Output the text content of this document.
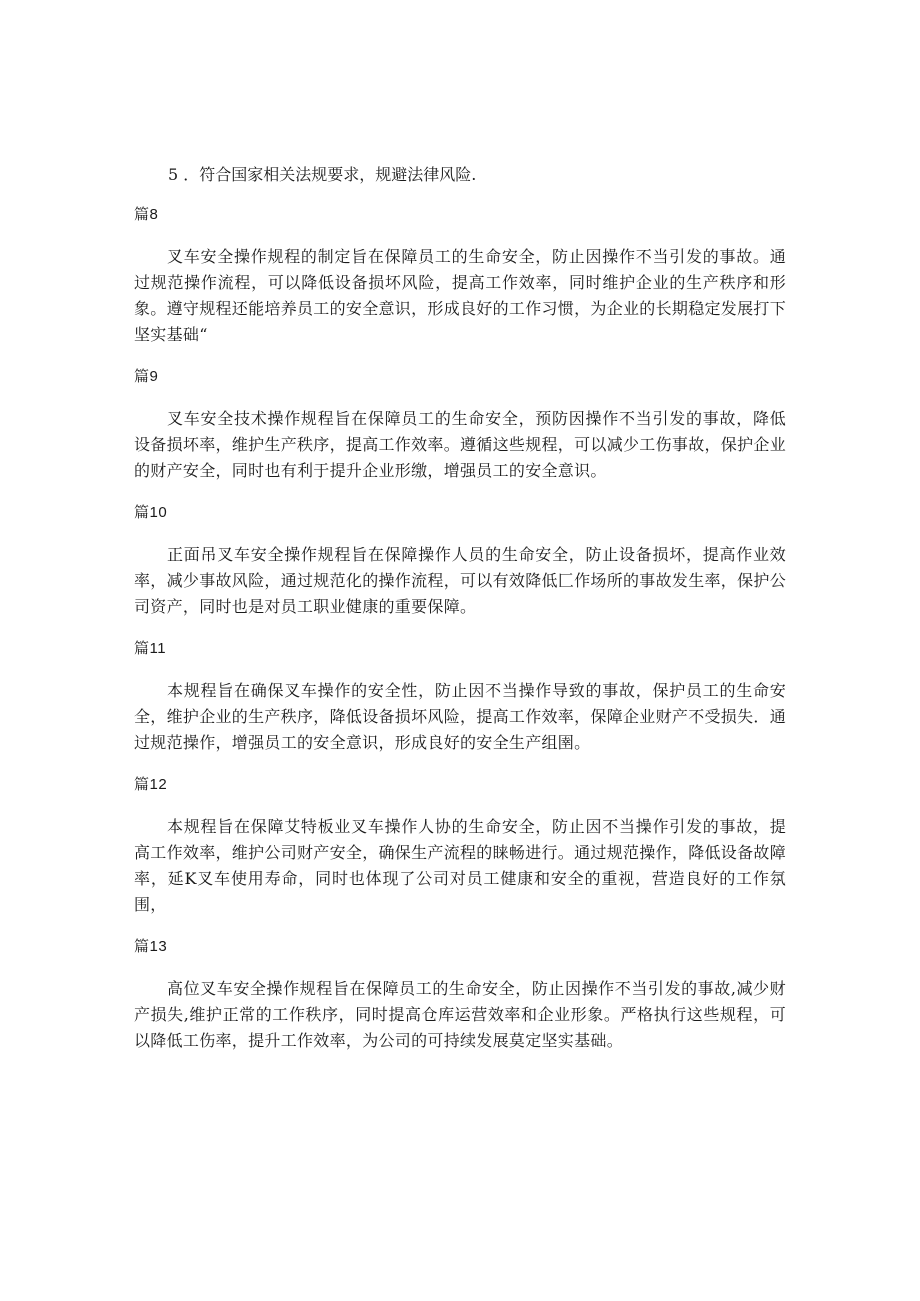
5 ．符合国家相关法规要求，规避法律风险.

篇8

叉车安全操作规程的制定旨在保障员工的生命安全，防止因操作不当引发的事故。通过规范操作流程，可以降低设备损坏风险，提高工作效率，同时维护企业的生产秩序和形象。遵守规程还能培养员工的安全意识，形成良好的工作习惯，为企业的长期稳定发展打下坚实基础“

篇9

叉车安全技术操作规程旨在保障员工的生命安全，预防因操作不当引发的事故，降低设备损坏率，维护生产秩序，提高工作效率。遵循这些规程，可以减少工伤事故，保护企业的财产安全，同时也有利于提升企业形缴，增强员工的安全意识。

篇10

正面吊叉车安全操作规程旨在保障操作人员的生命安全，防止设备损坏，提高作业效率，减少事故风险，通过规范化的操作流程，可以有效降低匚作场所的事故发生率，保护公司资产，同时也是对员工职业健康的重要保障。

篇11

本规程旨在确保叉车操作的安全性，防止因不当操作导致的事故，保护员工的生命安全，维护企业的生产秩序，降低设备损坏风险，提高工作效率，保障企业财产不受损失．通过规范操作，增强员工的安全意识，形成良好的安全生产组圉。

篇12

本规程旨在保障艾特板业叉车操作人协的生命安全，防止因不当操作引发的事故，提高工作效率，维护公司财产安全，确保生产流程的睐畅进行。通过规范操作，降低设备故障率，延K叉车使用寿命，同时也体现了公司对员工健康和安全的重视，营造良好的工作氛围，

篇13

高位叉车安全操作规程旨在保障员工的生命安全，防止因操作不当引发的事故,减少财产损失,维护正常的工作秩序，同时提高仓库运营效率和企业形象。严格执行这些规程，可以降低工伤率，提升工作效率，为公司的可持续发展莫定坚实基础。
